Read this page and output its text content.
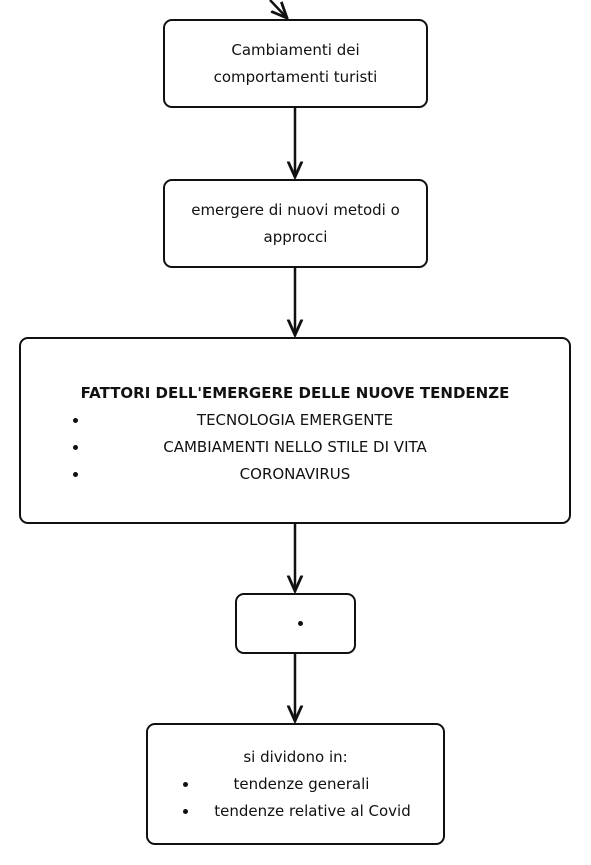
Cambiamenti dei
comportamenti turisti
emergere di nuovi metodi o
approcci
FATTORI DELL'EMERGERE DELLE NUOVE TENDENZE
TECNOLOGIA EMERGENTE
CAMBIAMENTI NELLO STILE DI VITA
CORONAVIRUS
si dividono in:
tendenze generali
tendenze relative al Covid
